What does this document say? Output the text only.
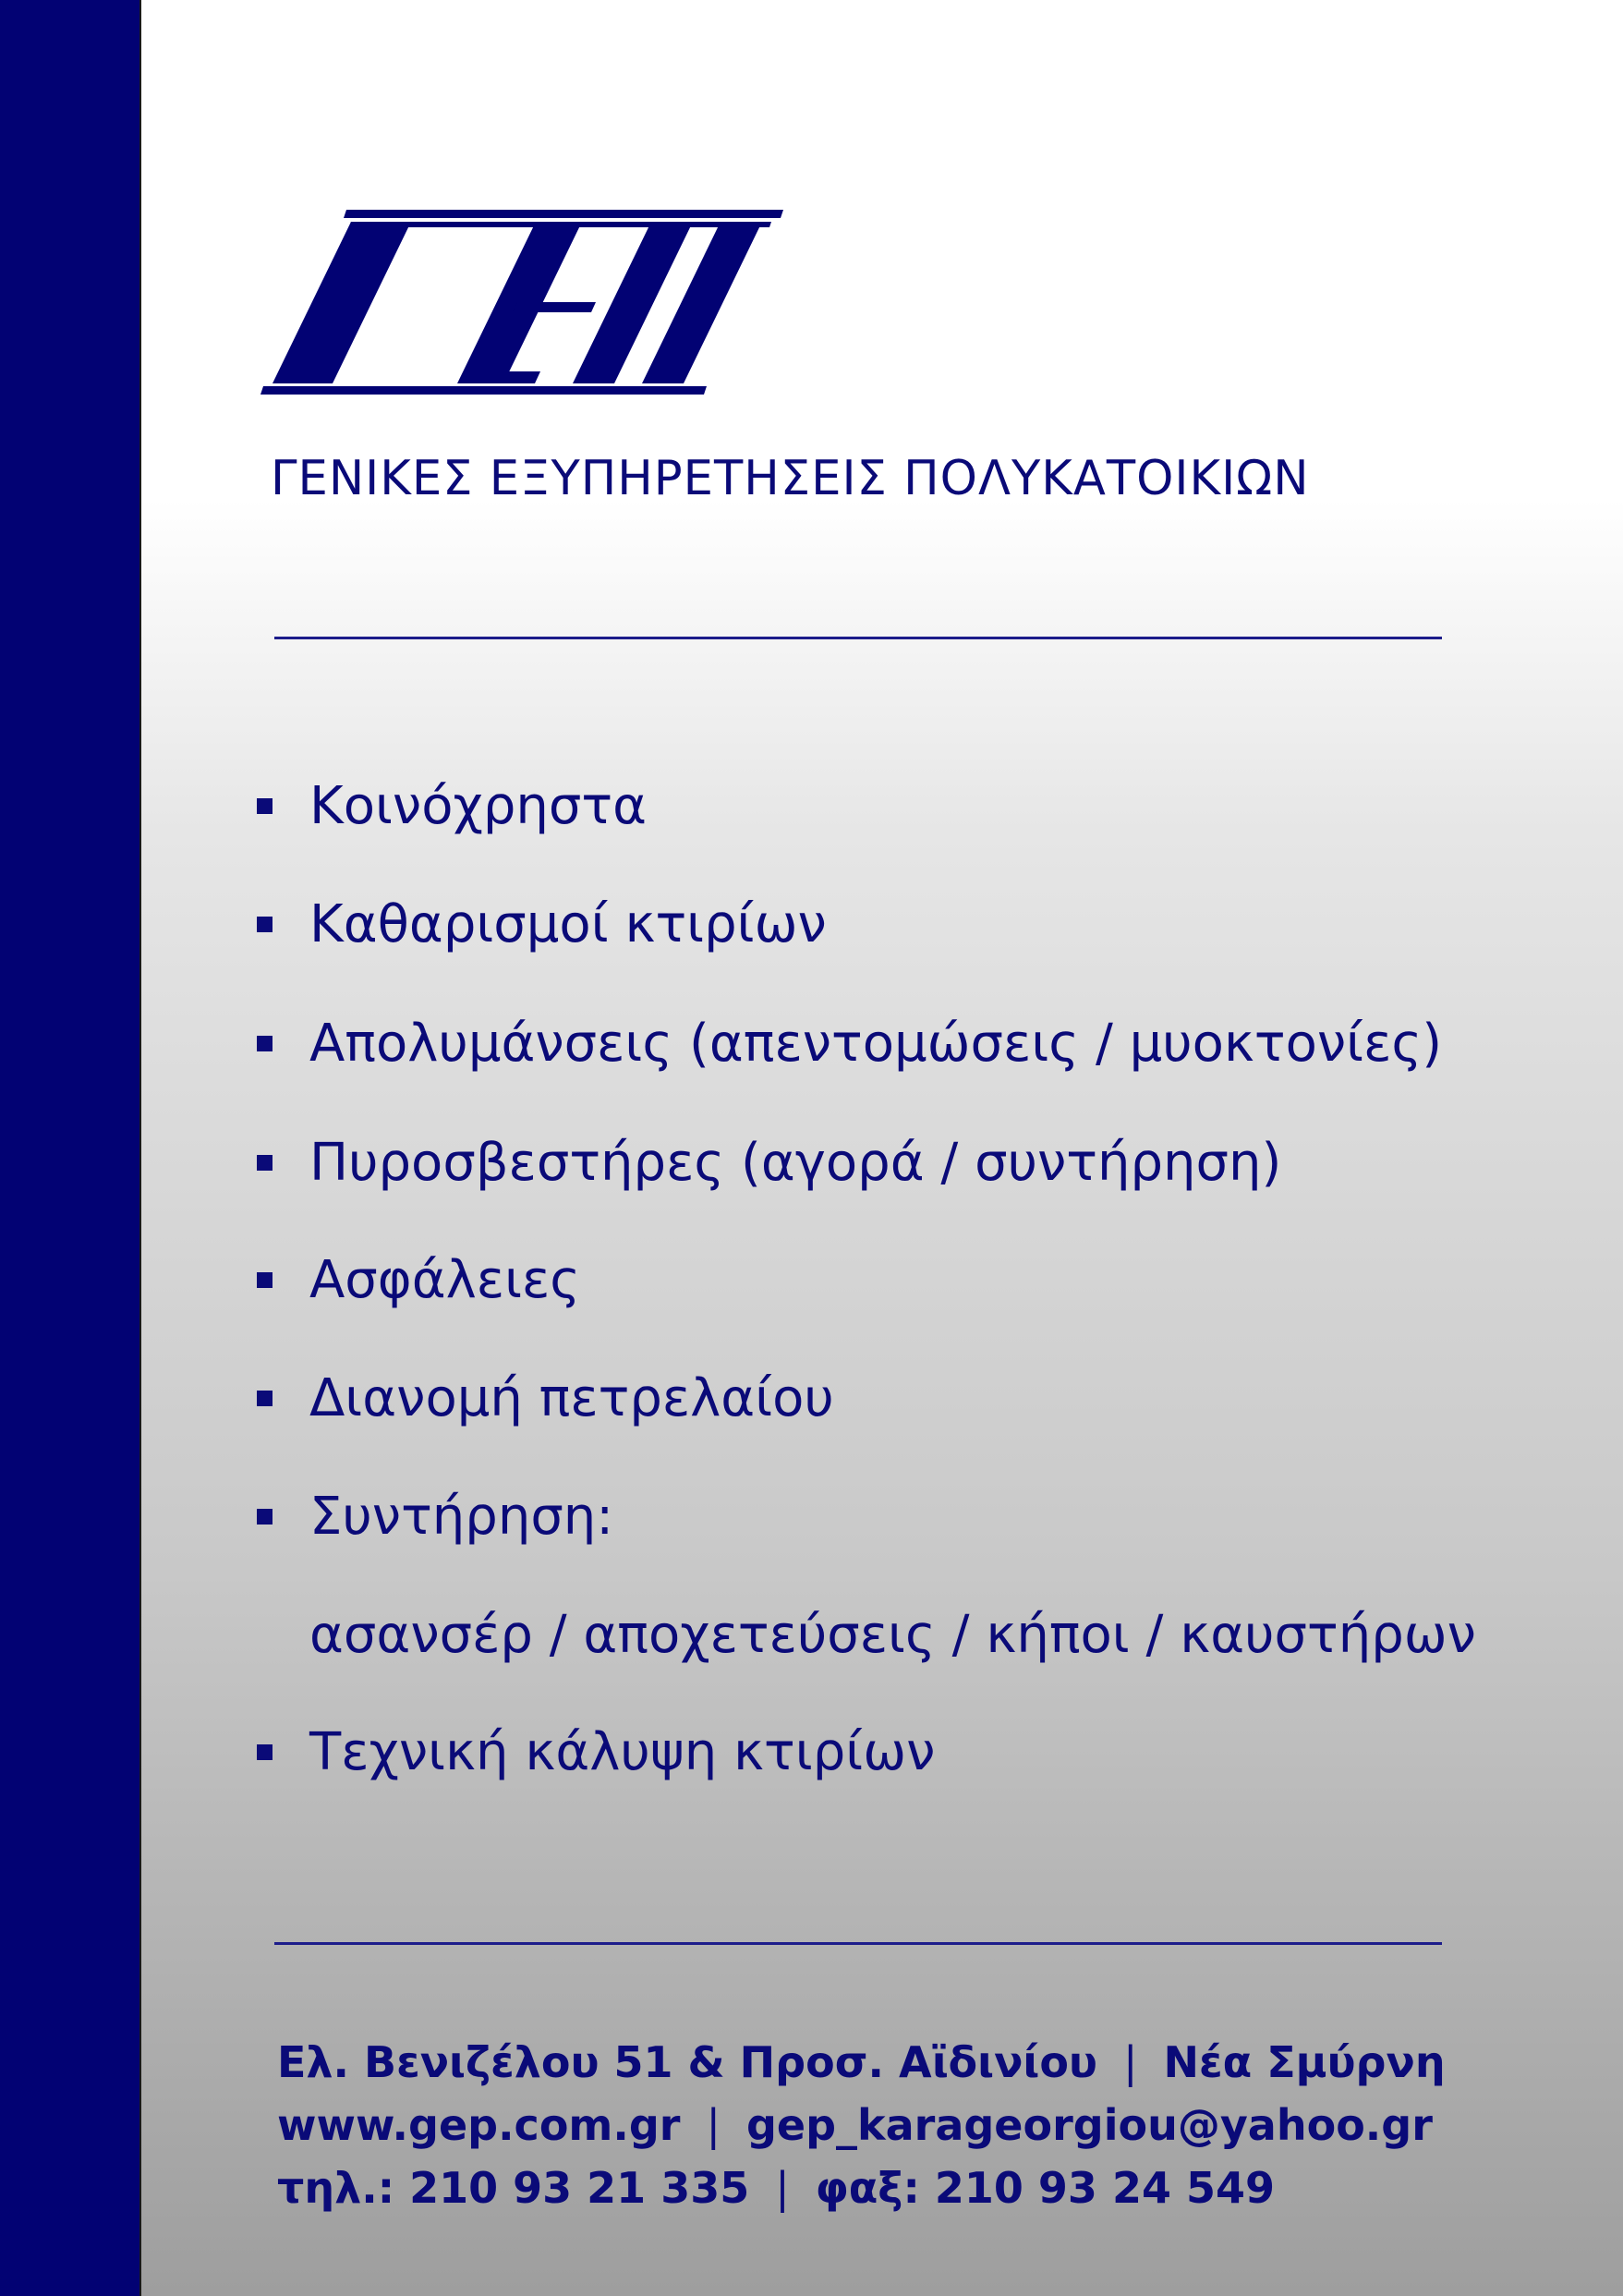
ΓΕΝΙΚΕΣ ΕΞΥΠΗΡΕΤΗΣΕΙΣ ΠΟΛΥΚΑΤΟΙΚΙΩΝ
Κοινόχρηστα
Καθαρισμοί κτιρίων
Απολυμάνσεις (απεντομώσεις / μυοκτονίες)
Πυροσβεστήρες (αγορά / συντήρηση)
Ασφάλειες
Διανομή πετρελαίου
Συντήρηση:
ασανσέρ / αποχετεύσεις / κήποι / καυστήρων
Τεχνική κάλυψη κτιρίων
Ελ. Βενιζέλου 51 & Προσ. Αϊδινίου | Νέα Σμύρνη
www.gep.com.gr | gep_karageorgiou@yahoo.gr
τηλ.: 210 93 21 335 | φαξ: 210 93 24 549
